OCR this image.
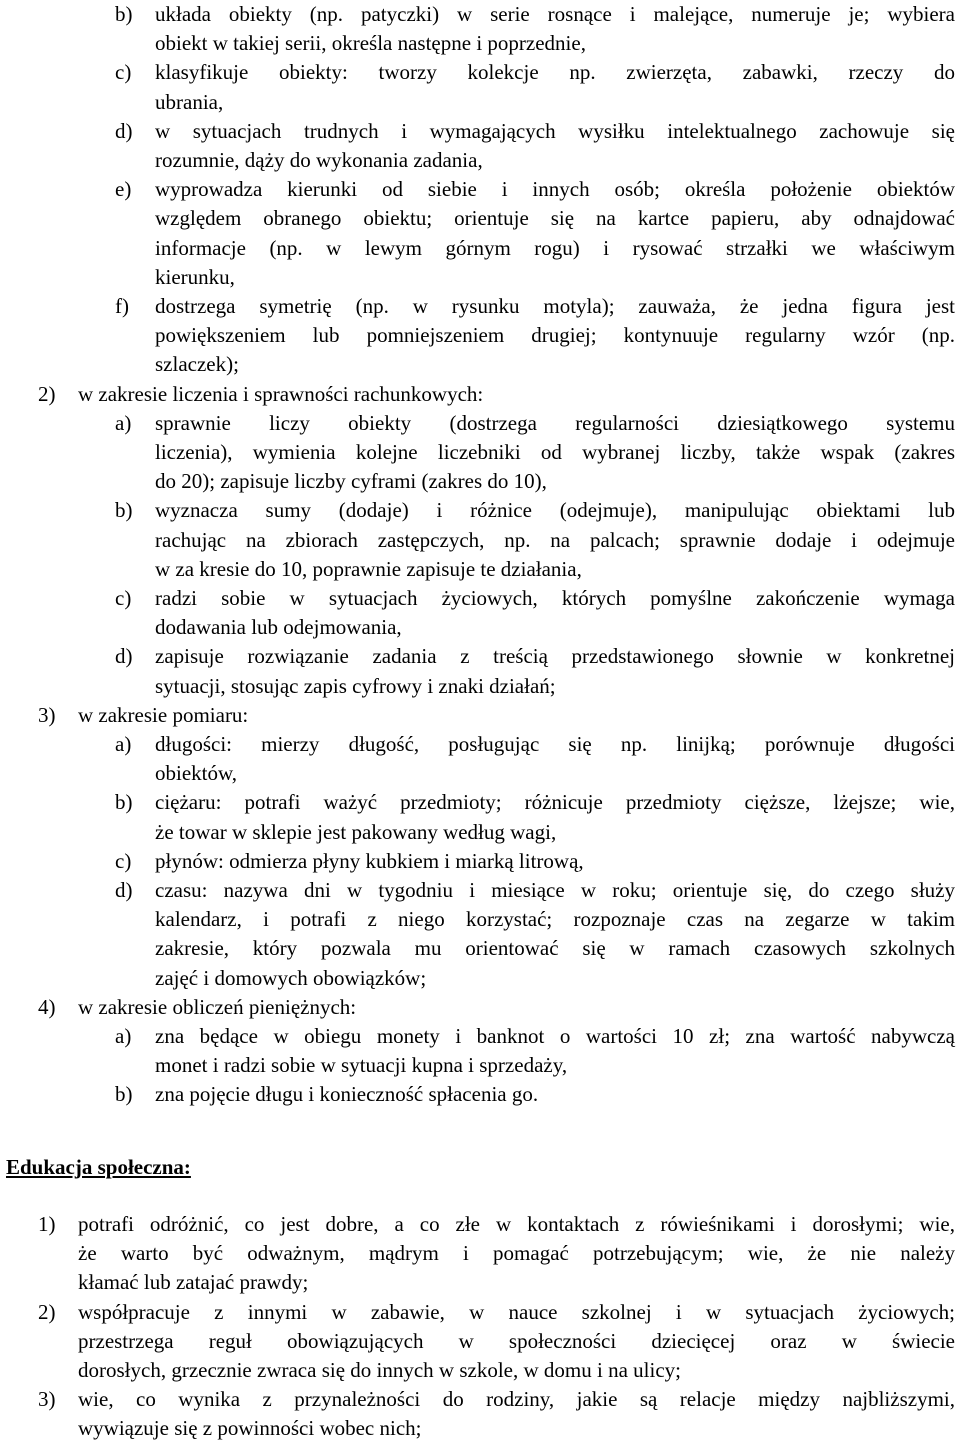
b) układa obiekty (np. patyczki) w serie rosnące i malejące, numeruje je; wybiera
obiekt w takiej serii, określa następne i poprzednie,
c) klasyfikuje obiekty: tworzy kolekcje np. zwierzęta, zabawki, rzeczy do
ubrania,
d) w sytuacjach trudnych i wymagających wysiłku intelektualnego zachowuje się
rozumnie, dąży do wykonania zadania,
e) wyprowadza kierunki od siebie i innych osób; określa położenie obiektów
względem obranego obiektu; orientuje się na kartce papieru, aby odnajdować
informacje (np. w lewym górnym rogu) i rysować strzałki we właściwym
kierunku,
f) dostrzega symetrię (np. w rysunku motyla); zauważa, że jedna figura jest
powiększeniem lub pomniejszeniem drugiej; kontynuuje regularny wzór (np.
szlaczek);
2) w zakresie liczenia i sprawności rachunkowych:
a) sprawnie liczy obiekty (dostrzega regularności dziesiątkowego systemu
liczenia), wymienia kolejne liczebniki od wybranej liczby, także wspak (zakres
do 20); zapisuje liczby cyframi (zakres do 10),
b) wyznacza sumy (dodaje) i różnice (odejmuje), manipulując obiektami lub
rachując na zbiorach zastępczych, np. na palcach; sprawnie dodaje i odejmuje
w za kresie do 10, poprawnie zapisuje te działania,
c) radzi sobie w sytuacjach życiowych, których pomyślne zakończenie wymaga
dodawania lub odejmowania,
d) zapisuje rozwiązanie zadania z treścią przedstawionego słownie w konkretnej
sytuacji, stosując zapis cyfrowy i znaki działań;
3) w zakresie pomiaru:
a) długości: mierzy długość, posługując się np. linijką; porównuje długości
obiektów,
b) ciężaru: potrafi ważyć przedmioty; różnicuje przedmioty cięższe, lżejsze; wie,
że towar w sklepie jest pakowany według wagi,
c) płynów: odmierza płyny kubkiem i miarką litrową,
d) czasu: nazywa dni w tygodniu i miesiące w roku; orientuje się, do czego służy
kalendarz, i potrafi z niego korzystać; rozpoznaje czas na zegarze w takim
zakresie, który pozwala mu orientować się w ramach czasowych szkolnych
zajęć i domowych obowiązków;
4) w zakresie obliczeń pieniężnych:
a) zna będące w obiegu monety i banknot o wartości 10 zł; zna wartość nabywczą
monet i radzi sobie w sytuacji kupna i sprzedaży,
b) zna pojęcie długu i konieczność spłacenia go.
1) potrafi odróżnić, co jest dobre, a co złe w kontaktach z rówieśnikami i dorosłymi; wie,
że warto być odważnym, mądrym i pomagać potrzebującym; wie, że nie należy
kłamać lub zatajać prawdy;
2) współpracuje z innymi w zabawie, w nauce szkolnej i w sytuacjach życiowych;
przestrzega reguł obowiązujących w społeczności dziecięcej oraz w świecie
dorosłych, grzecznie zwraca się do innych w szkole, w domu i na ulicy;
3) wie, co wynika z przynależności do rodziny, jakie są relacje między najbliższymi,
wywiązuje się z powinności wobec nich;
Edukacja społeczna:
